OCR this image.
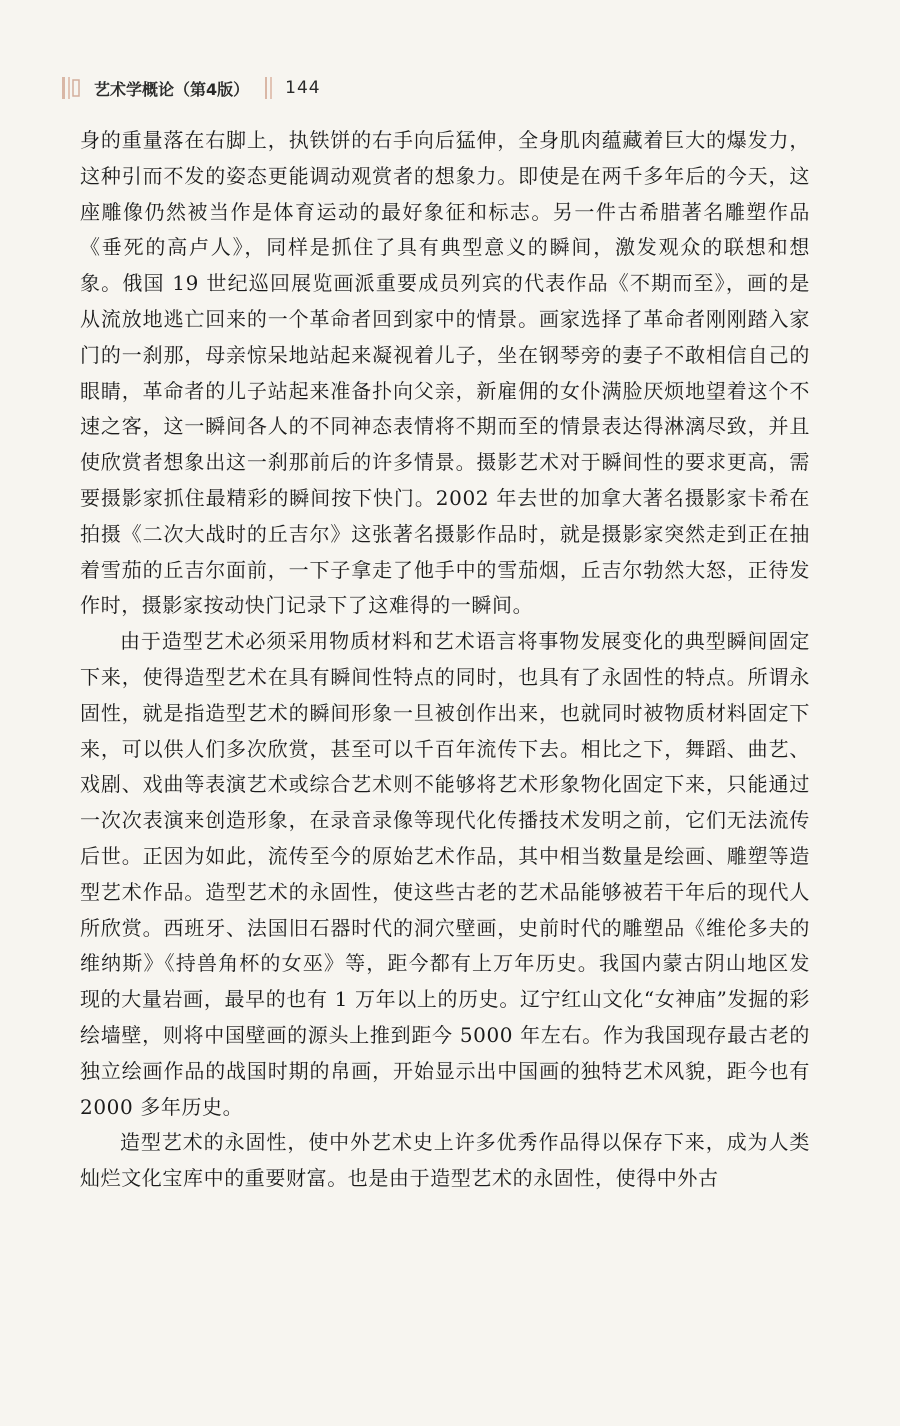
艺术学概论（第4版） 144

身的重量落在右脚上，执铁饼的右手向后猛伸，全身肌肉蕴藏着巨大的爆发力，这种引而不发的姿态更能调动观赏者的想象力。即使是在两千多年后的今天，这座雕像仍然被当作是体育运动的最好象征和标志。另一件古希腊著名雕塑作品《垂死的高卢人》，同样是抓住了具有典型意义的瞬间，激发观众的联想和想象。俄国 19 世纪巡回展览画派重要成员列宾的代表作品《不期而至》，画的是从流放地逃亡回来的一个革命者回到家中的情景。画家选择了革命者刚刚踏入家门的一刹那，母亲惊呆地站起来凝视着儿子，坐在钢琴旁的妻子不敢相信自己的眼睛，革命者的儿子站起来准备扑向父亲，新雇佣的女仆满脸厌烦地望着这个不速之客，这一瞬间各人的不同神态表情将不期而至的情景表达得淋漓尽致，并且使欣赏者想象出这一刹那前后的许多情景。摄影艺术对于瞬间性的要求更高，需要摄影家抓住最精彩的瞬间按下快门。2002 年去世的加拿大著名摄影家卡希在拍摄《二次大战时的丘吉尔》这张著名摄影作品时，就是摄影家突然走到正在抽着雪茄的丘吉尔面前，一下子拿走了他手中的雪茄烟，丘吉尔勃然大怒，正待发作时，摄影家按动快门记录下了这难得的一瞬间。

由于造型艺术必须采用物质材料和艺术语言将事物发展变化的典型瞬间固定下来，使得造型艺术在具有瞬间性特点的同时，也具有了永固性的特点。所谓永固性，就是指造型艺术的瞬间形象一旦被创作出来，也就同时被物质材料固定下来，可以供人们多次欣赏，甚至可以千百年流传下去。相比之下，舞蹈、曲艺、戏剧、戏曲等表演艺术或综合艺术则不能够将艺术形象物化固定下来，只能通过一次次表演来创造形象，在录音录像等现代化传播技术发明之前，它们无法流传后世。正因为如此，流传至今的原始艺术作品，其中相当数量是绘画、雕塑等造型艺术作品。造型艺术的永固性，使这些古老的艺术品能够被若干年后的现代人所欣赏。西班牙、法国旧石器时代的洞穴壁画，史前时代的雕塑品《维伦多夫的维纳斯》《持兽角杯的女巫》等，距今都有上万年历史。我国内蒙古阴山地区发现的大量岩画，最早的也有 1 万年以上的历史。辽宁红山文化“女神庙”发掘的彩绘墙壁，则将中国壁画的源头上推到距今 5000 年左右。作为我国现存最古老的独立绘画作品的战国时期的帛画，开始显示出中国画的独特艺术风貌，距今也有 2000 多年历史。

造型艺术的永固性，使中外艺术史上许多优秀作品得以保存下来，成为人类灿烂文化宝库中的重要财富。也是由于造型艺术的永固性，使得中外古
